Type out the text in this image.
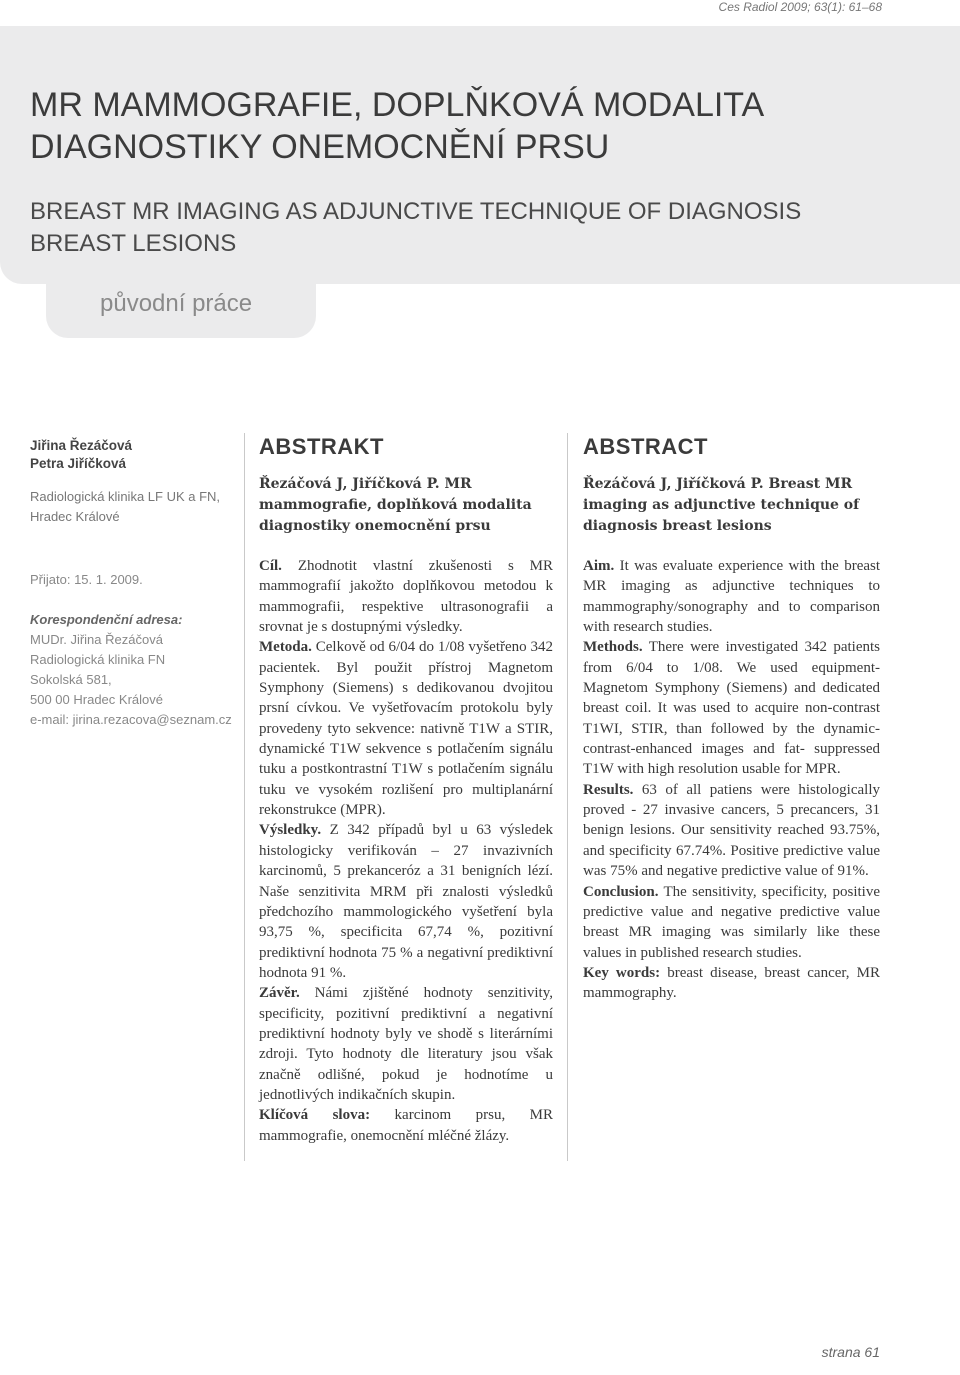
Ces Radiol 2009; 63(1): 61–68
MR MAMMOGRAFIE, DOPLŇKOVÁ MODALITA
DIAGNOSTIKY ONEMOCNĚNÍ PRSU
BREAST MR IMAGING AS ADJUNCTIVE TECHNIQUE OF DIAGNOSIS
BREAST LESIONS
původní práce
Jiřina Řezáčová
Petra Jiříčková
Radiologická klinika LF UK a FN,
Hradec Králové
Přijato: 15. 1. 2009.
Korespondenční adresa:
MUDr. Jiřina Řezáčová
Radiologická klinika FN
Sokolská 581,
500 00 Hradec Králové
e-mail: jirina.rezacova@seznam.cz
ABSTRAKT
Řezáčová J, Jiříčková P. MR mammografie, doplňková modalita diagnostiky onemocnění prsu

Cíl. Zhodnotit vlastní zkušenosti s MR mammografií jakožto doplňkovou metodou k mammografii, respektive ultrasonografii a srovnat je s dostupnými výsledky.
Metoda. Celkově od 6/04 do 1/08 vyšetřeno 342 pacientek. Byl použit přístroj Magnetom Symphony (Siemens) s dedikovanou dvojitou prsní cívkou. Ve vyšetřovacím protokolu byly provedeny tyto sekvence: nativně T1W a STIR, dynamické T1W sekvence s potlačením signálu tuku a postkontrastní T1W s potlačením signálu tuku ve vysokém rozlišení pro multiplanární rekonstrukce (MPR).
Výsledky. Z 342 případů byl u 63 výsledek histologicky verifikován – 27 invazivních karcinomů, 5 prekanceróz a 31 benigních lézí. Naše senzitivita MRM při znalosti výsledků předchozího mammologického vyšetření byla 93,75 %, specificita 67,74 %, pozitivní prediktivní hodnota 75 % a negativní prediktivní hodnota 91 %.
Závěr. Námi zjištěné hodnoty senzitivity, specificity, pozitivní prediktivní a negativní prediktivní hodnoty byly ve shodě s literárními zdroji. Tyto hodnoty dle literatury jsou však značně odlišné, pokud je hodnotíme u jednotlivých indikačních skupin.
Klíčová slova: karcinom prsu, MR mammografie, onemocnění mléčné žlázy.

ABSTRACT
Řezáčová J, Jiříčková P. Breast MR imaging as adjunctive technique of diagnosis breast lesions

Aim. It was evaluate experience with the breast MR imaging as adjunctive techniques to mammography/sonography and to comparison with research studies.
Methods. There were investigated 342 patients from 6/04 to 1/08. We used equipment-Magnetom Symphony (Siemens) and dedicated breast coil. It was used to acquire non-contrast T1WI, STIR, than followed by the dynamic-contrast-enhanced images and fat- suppressed T1W with high resolution usable for MPR.
Results. 63 of all patiens were histologically proved - 27 invasive cancers, 5 precancers, 31 benign lesions. Our sensitivity reached 93.75%, and specificity 67.74%. Positive predictive value was 75% and negative predictive value of 91%.
Conclusion. The sensitivity, specificity, positive predictive value and negative predictive value breast MR imaging was similarly like these values in published research studies.
Key words: breast disease, breast cancer, MR mammography.

strana 61
